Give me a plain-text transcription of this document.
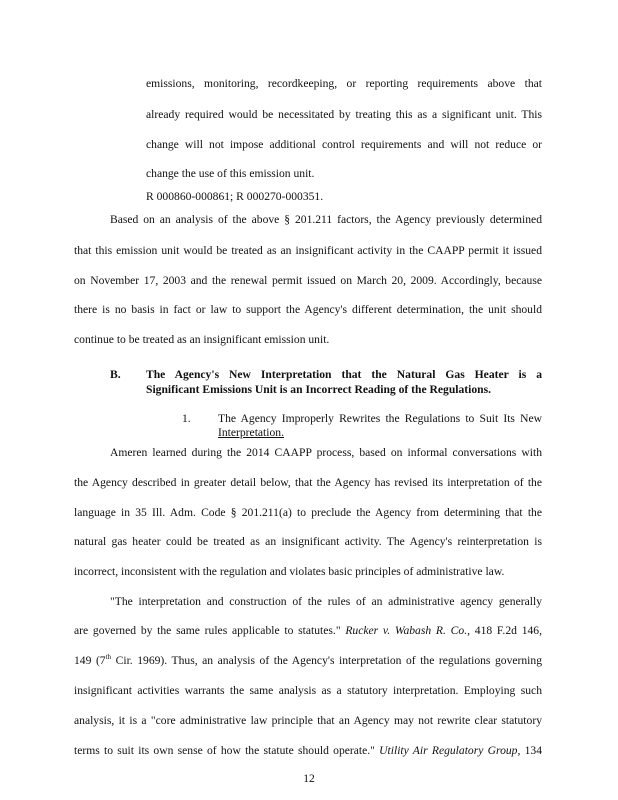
emissions, monitoring, recordkeeping, or reporting requirements above that

already required would be necessitated by treating this as a significant unit. This

change will not impose additional control requirements and will not reduce or

change the use of this emission unit.

R 000860-000861; R 000270-000351.

Based on an analysis of the above § 201.211 factors, the Agency previously determined

that this emission unit would be treated as an insignificant activity in the CAAPP permit it issued

on November 17, 2003 and the renewal permit issued on March 20, 2009. Accordingly, because

there is no basis in fact or law to support the Agency's different determination, the unit should

continue to be treated as an insignificant emission unit.

B. The Agency's New Interpretation that the Natural Gas Heater is a

Significant Emissions Unit is an Incorrect Reading of the Regulations.

1. The Agency Improperly Rewrites the Regulations to Suit Its New

Interpretation.

Ameren learned during the 2014 CAAPP process, based on informal conversations with

the Agency described in greater detail below, that the Agency has revised its interpretation of the

language in 35 Ill. Adm. Code § 201.211(a) to preclude the Agency from determining that the

natural gas heater could be treated as an insignificant activity. The Agency's reinterpretation is

incorrect, inconsistent with the regulation and violates basic principles of administrative law.

"The interpretation and construction of the rules of an administrative agency generally

are governed by the same rules applicable to statutes." Rucker v. Wabash R. Co., 418 F.2d 146,

149 (7th Cir. 1969). Thus, an analysis of the Agency's interpretation of the regulations governing

insignificant activities warrants the same analysis as a statutory interpretation. Employing such

analysis, it is a "core administrative law principle that an Agency may not rewrite clear statutory

terms to suit its own sense of how the statute should operate." Utility Air Regulatory Group, 134

12
